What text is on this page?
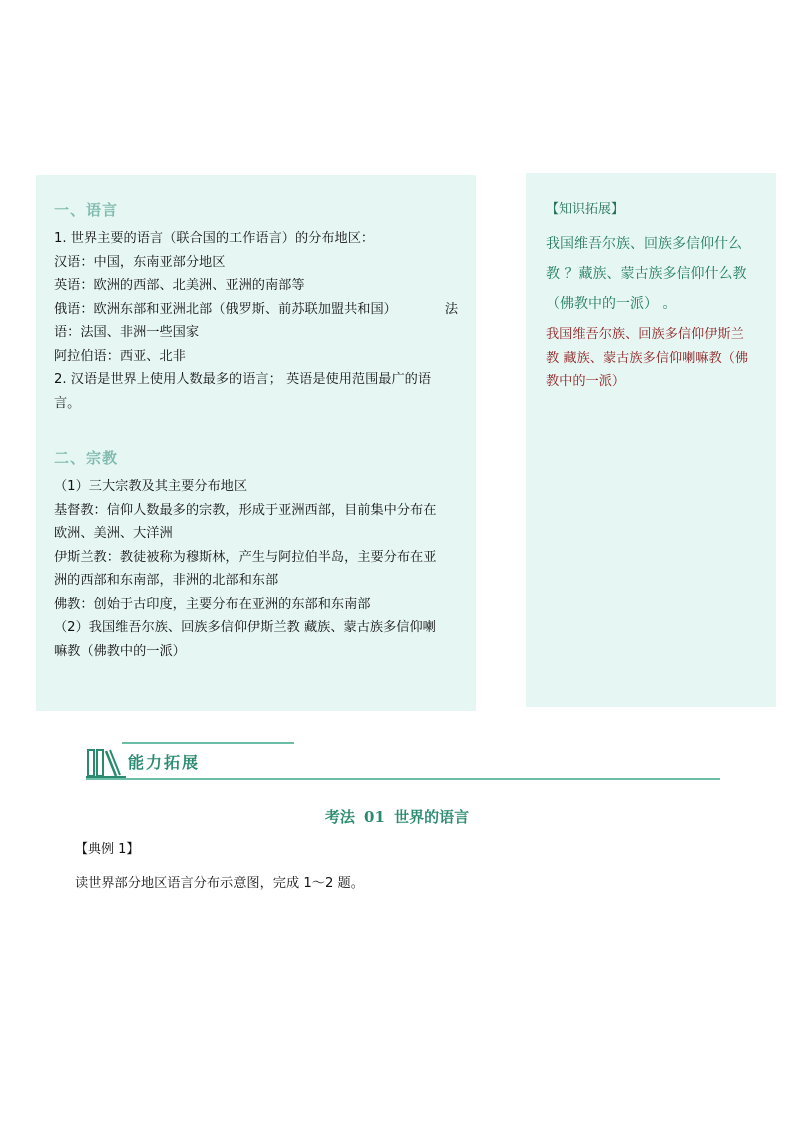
一、语言

1. 世界主要的语言（联合国的工作语言）的分布地区：

汉语：中国，东南亚部分地区

英语：欧洲的西部、北美洲、亚洲的南部等

俄语：欧洲东部和亚洲北部（俄罗斯、前苏联加盟共和国）	法

语：法国、非洲一些国家

阿拉伯语：西亚、北非

2. 汉语是世界上使用人数最多的语言； 英语是使用范围最广的语

言。

二、宗教

（1）三大宗教及其主要分布地区

基督教：信仰人数最多的宗教，形成于亚洲西部，目前集中分布在

欧洲、美洲、大洋洲

伊斯兰教：教徒被称为穆斯林，产生与阿拉伯半岛，主要分布在亚

洲的西部和东南部，非洲的北部和东部

佛教：创始于古印度，主要分布在亚洲的东部和东南部

（2）我国维吾尔族、回族多信仰伊斯兰教 藏族、蒙古族多信仰喇

嘛教（佛教中的一派）

【知识拓展】
我国维吾尔族、回族多信仰什么
教 ？藏族、蒙古族多信仰什么教
（佛教中的一派） 。
我国维吾尔族、回族多信仰伊斯兰
教 藏族、蒙古族多信仰喇嘛教（佛
教中的一派）
能力拓展
考法 01 世界的语言
【典例 1】
读世界部分地区语言分布示意图，完成 1～2 题。
